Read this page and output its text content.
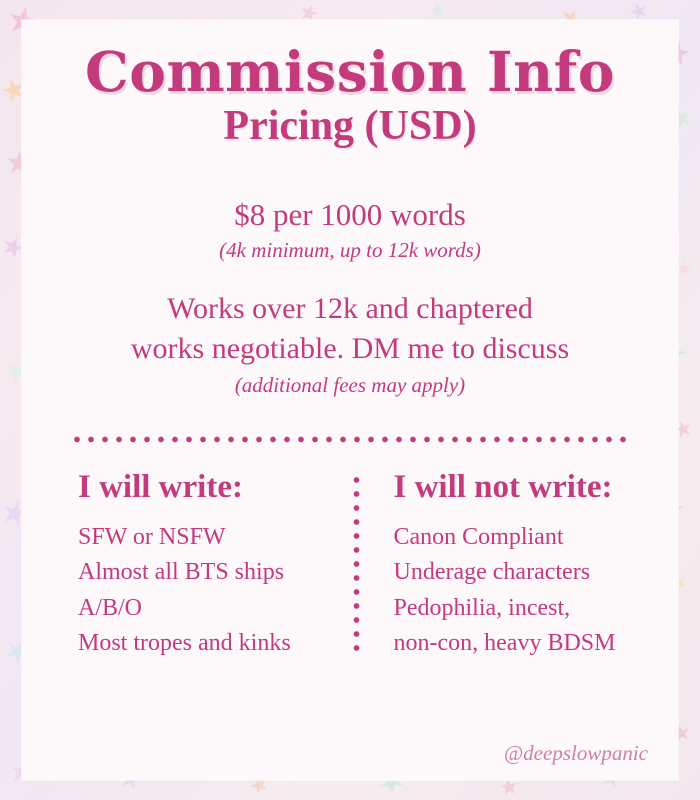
Commission Info
Pricing (USD)
$8 per 1000 words
(4k minimum, up to 12k words)
Works over 12k and chaptered
works negotiable. DM me to discuss
(additional fees may apply)
I will write:
SFW or NSFW
Almost all BTS ships
A/B/O
Most tropes and kinks
I will not write:
Canon Compliant
Underage characters
Pedophilia, incest,
non-con, heavy BDSM
@deepslowpanic
